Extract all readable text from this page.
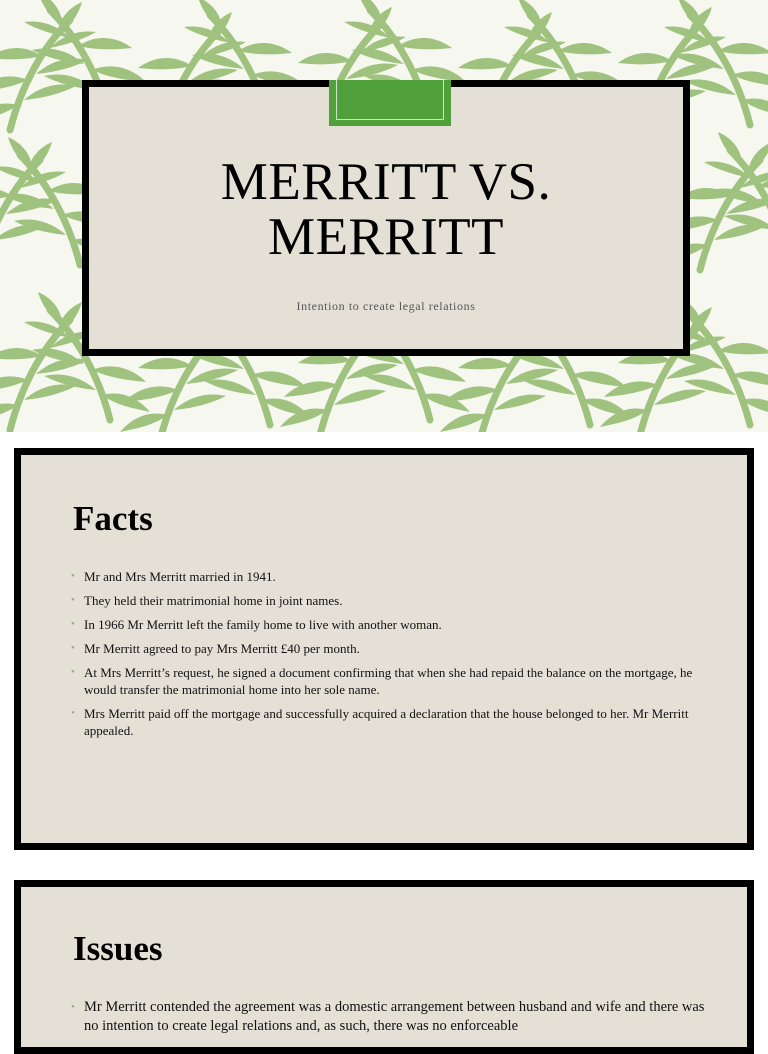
MERRITT VS.
MERRITT
Intention to create legal relations
Facts
• Mr and Mrs Merritt married in 1941.
• They held their matrimonial home in joint names.
• In 1966 Mr Merritt left the family home to live with another woman.
• Mr Merritt agreed to pay Mrs Merritt £40 per month.
• At Mrs Merritt’s request, he signed a document confirming that when she had repaid the balance on the mortgage, he would transfer the matrimonial home into her sole name.
• Mrs Merritt paid off the mortgage and successfully acquired a declaration that the house belonged to her. Mr Merritt appealed.
Issues
• Mr Merritt contended the agreement was a domestic arrangement between husband and wife and there was no intention to create legal relations and, as such, there was no enforceable
